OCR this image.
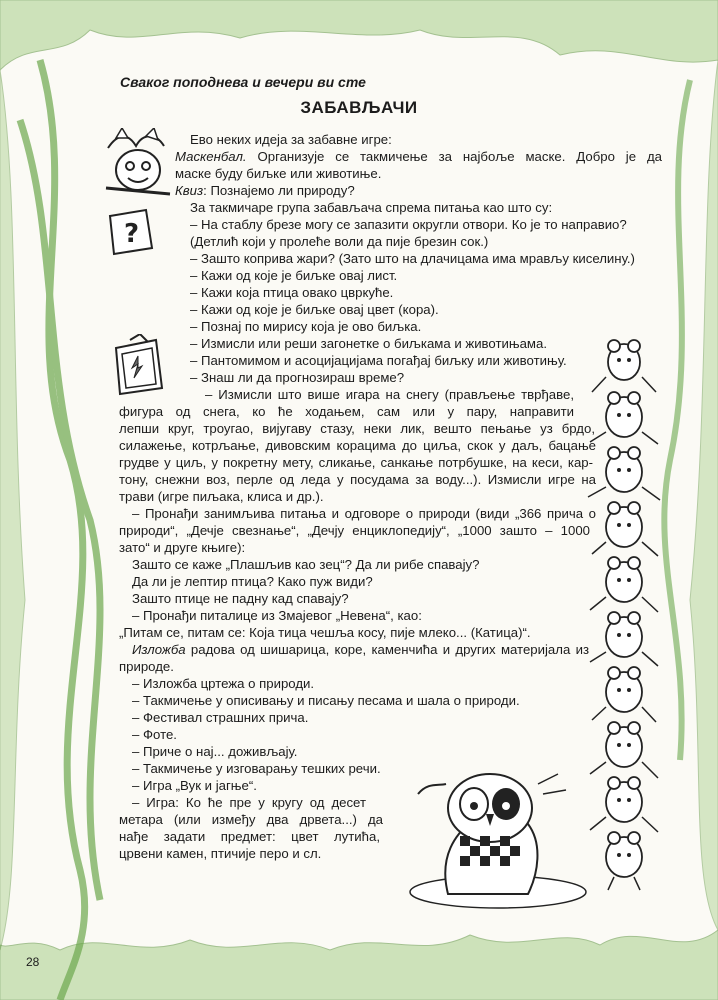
Сваког поподнева и вечери ви сте
ЗАБАВЉАЧИ
?
Ево неких идеја за забавне игре:
Маскенбал. Организује се такмичење за најбоље маске. Добро је да
маске буду биљке или животиње.
Квиз: Познајемо ли природу?
За такмичаре група забављача спрема питања као што су:
– На стаблу брезе могу се запазити округли отвори. Ко је то направио?
(Детлић који у пролеће воли да пије брезин сок.)
– Зашто коприва жари? (Зато што на длачицама има мрављу киселину.)
– Кажи од које је биљке овај лист.
– Кажи која птица овако цвркуће.
– Кажи од које је биљке овај цвет (кора).
– Познај по мирису која је ово биљка.
– Измисли или реши загонетке о биљкама и животињама.
– Пантомимом и асоцијацијама погађај биљку или животињу.
– Знаш ли да прогнозираш време?
– Измисли што више игара на снегу (прављење тврђаве,
фигура од снега, ко ће ходањем, сам или у пару, направити
лепши круг, троугао, вијугаву стазу, неки лик, вешто пењање уз брдо,
силажење, котрљање, дивовским корацима до циља, скок у даљ, бацање
грудве у циљ, у покретну мету, сликање, санкање потрбушке, на кеси, кар-
тону, снежни воз, перле од леда у посудама за воду...). Измисли игре на
трави (игре пиљака, клиса и др.).
– Пронађи занимљива питања и одговоре о природи (види „366 прича о
природи“, „Дечје свезнање“, „Дечју енциклопедију“, „1000 зашто – 1000
зато“ и друге књиге):
Зашто се каже „Плашљив као зец“? Да ли рибе спавају?
Да ли је лептир птица? Како пуж види?
Зашто птице не падну кад спавају?
– Пронађи питалице из Змајевог „Невена“, као:
„Питам се, питам се: Која тица чешља косу, пије млеко... (Катица)“.
Изложба радова од шишарица, коре, каменчића и других материјала из
природе.
– Изложба цртежа о природи.
– Такмичење у описивању и писању песама и шала о природи.
– Фестивал страшних прича.
– Фоте.
– Приче о нај... доживљају.
– Такмичење у изговарању тешких речи.
– Игра „Вук и јагње“.
– Игра: Ко ће пре у кругу од десет
метара (или између два дрвета...) да
нађе задати предмет: цвет лутића,
црвени камен, птичије перо и сл.
28
